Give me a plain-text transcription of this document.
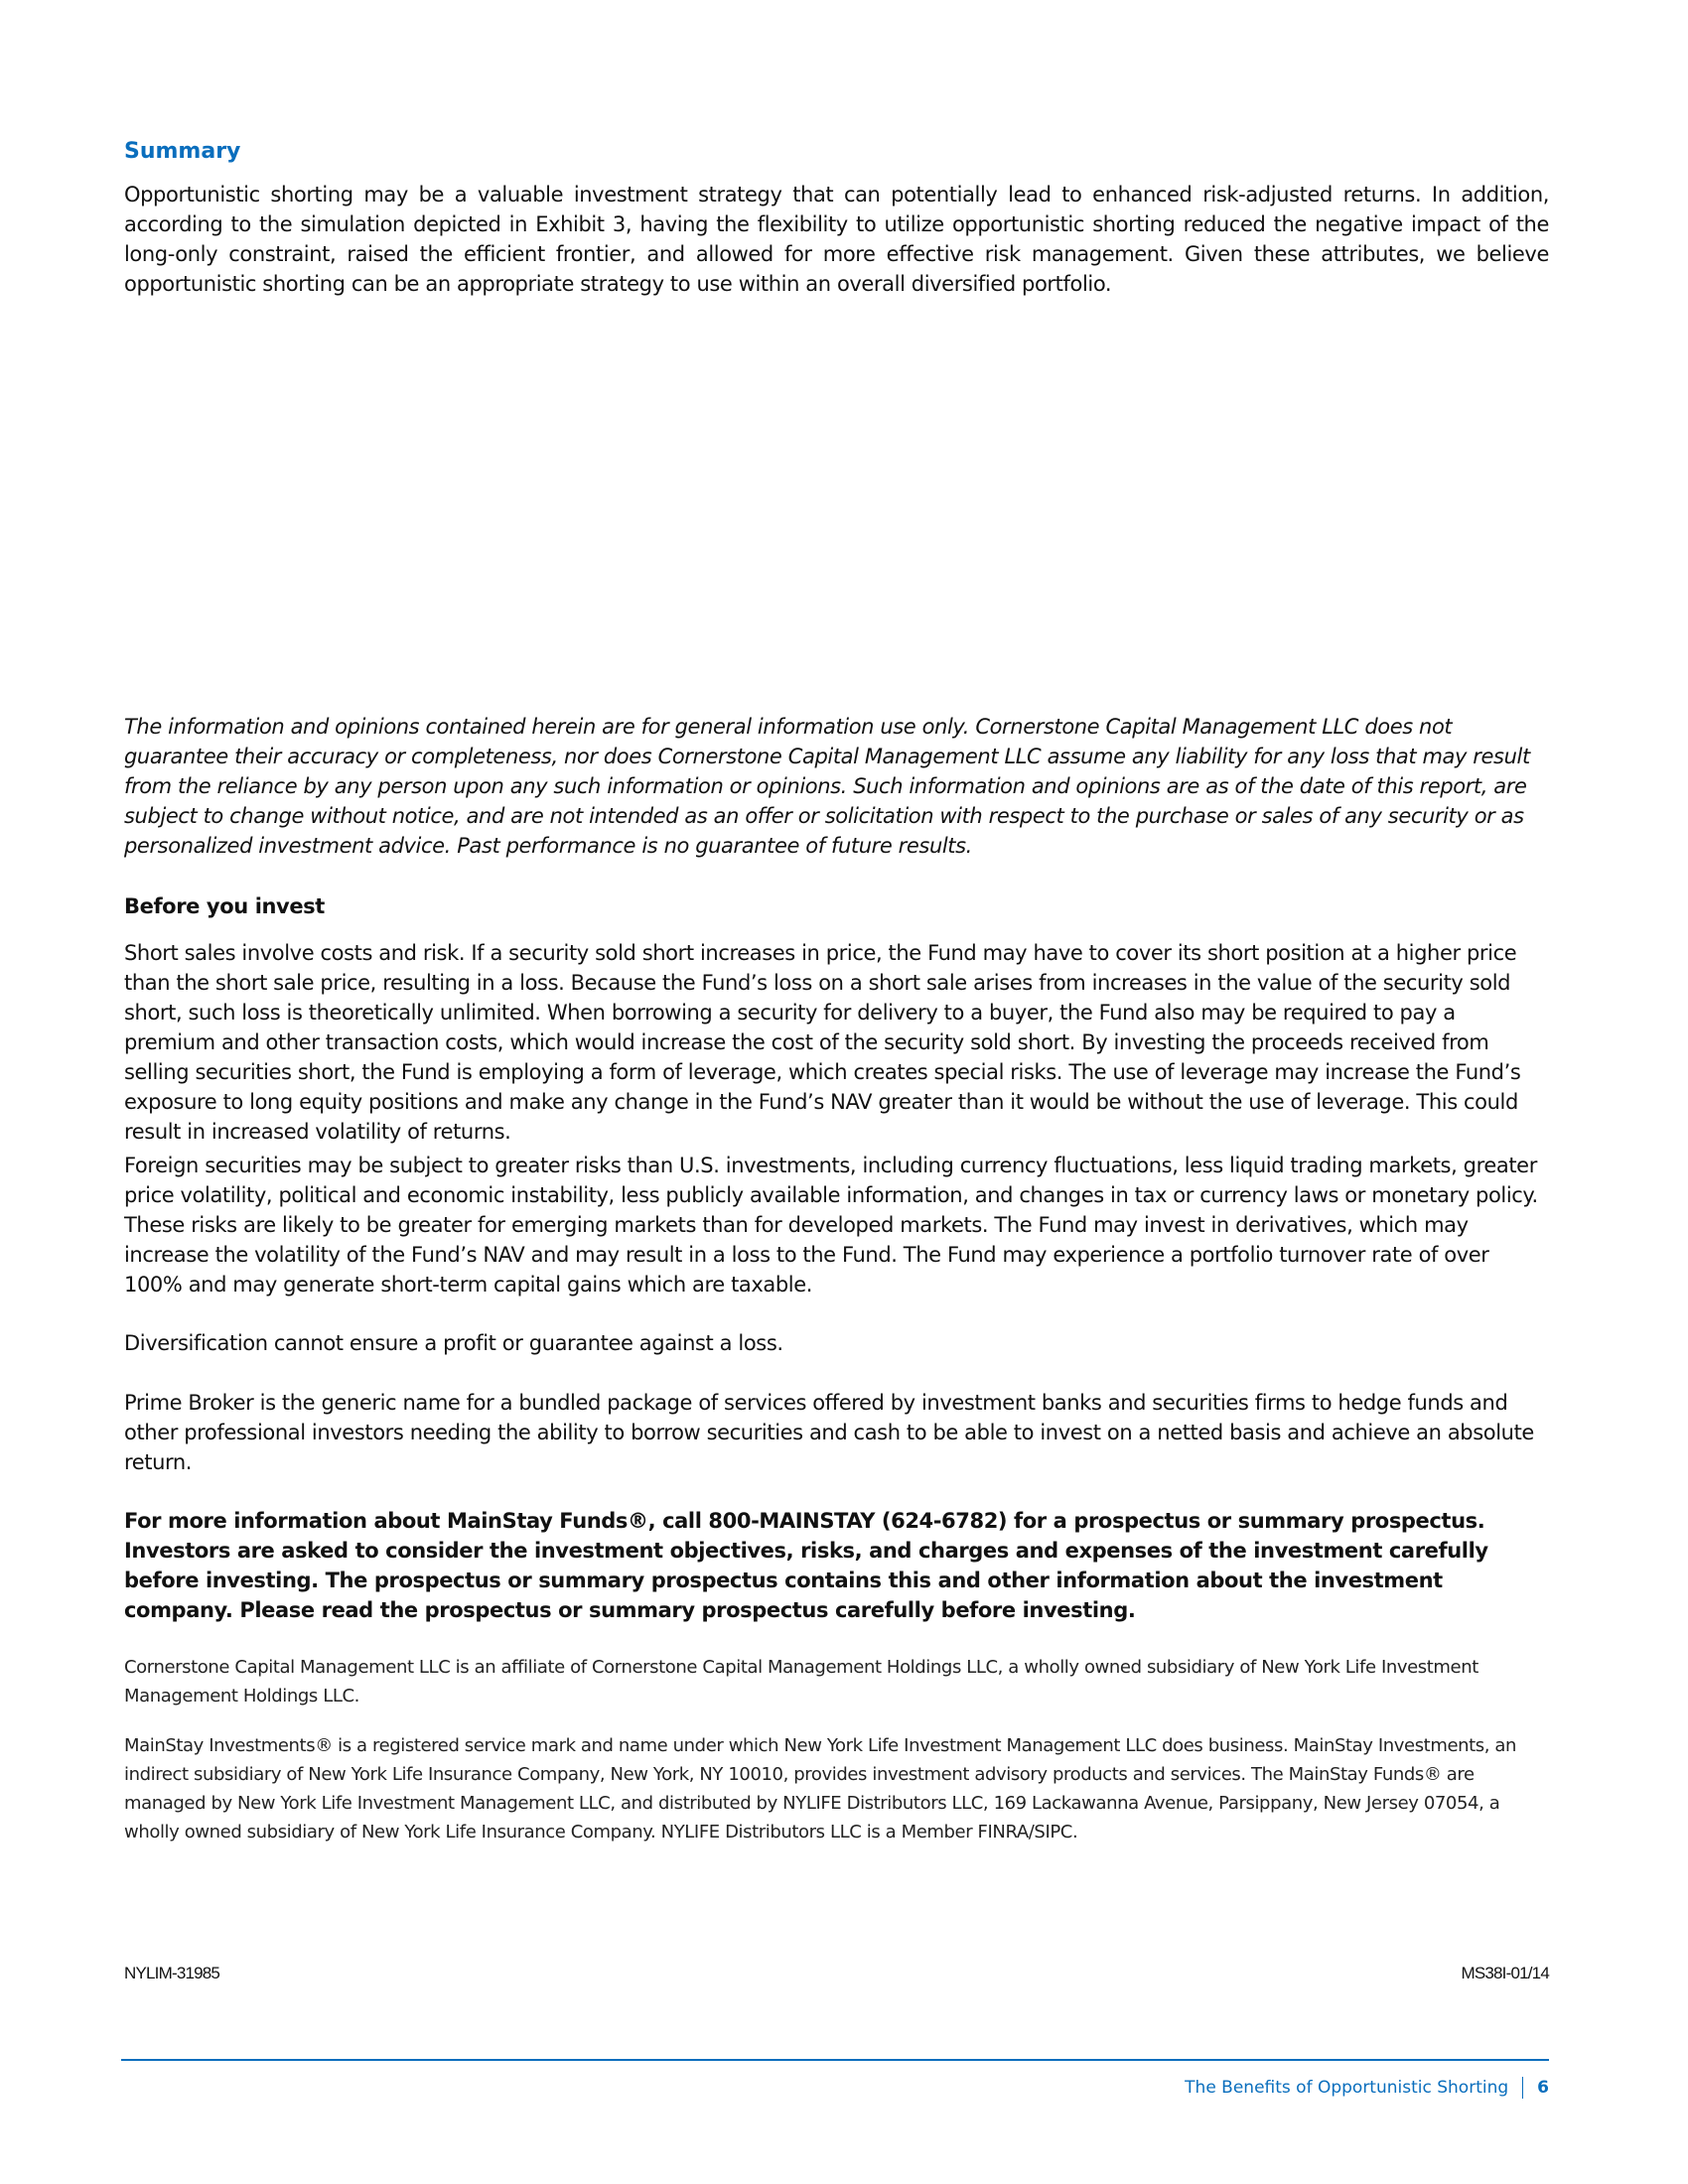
Summary

Opportunistic shorting may be a valuable investment strategy that can potentially lead to enhanced risk-adjusted returns. In addition, according to the simulation depicted in Exhibit 3, having the flexibility to utilize opportunistic shorting reduced the negative impact of the long-only constraint, raised the efficient frontier, and allowed for more effective risk management. Given these attributes, we believe opportunistic shorting can be an appropriate strategy to use within an overall diversified portfolio.

The information and opinions contained herein are for general information use only. Cornerstone Capital Management LLC does not guarantee their accuracy or completeness, nor does Cornerstone Capital Management LLC assume any liability for any loss that may result from the reliance by any person upon any such information or opinions. Such information and opinions are as of the date of this report, are subject to change without notice, and are not intended as an offer or solicitation with respect to the purchase or sales of any security or as personalized investment advice. Past performance is no guarantee of future results.

Before you invest

Short sales involve costs and risk. If a security sold short increases in price, the Fund may have to cover its short position at a higher price than the short sale price, resulting in a loss. Because the Fund’s loss on a short sale arises from increases in the value of the security sold short, such loss is theoretically unlimited. When borrowing a security for delivery to a buyer, the Fund also may be required to pay a premium and other transaction costs, which would increase the cost of the security sold short. By investing the proceeds received from selling securities short, the Fund is employing a form of leverage, which creates special risks. The use of leverage may increase the Fund’s exposure to long equity positions and make any change in the Fund’s NAV greater than it would be without the use of leverage. This could result in increased volatility of returns.

Foreign securities may be subject to greater risks than U.S. investments, including currency fluctuations, less liquid trading markets, greater price volatility, political and economic instability, less publicly available information, and changes in tax or currency laws or monetary policy. These risks are likely to be greater for emerging markets than for developed markets. The Fund may invest in derivatives, which may increase the volatility of the Fund’s NAV and may result in a loss to the Fund. The Fund may experience a portfolio turnover rate of over 100% and may generate short-term capital gains which are taxable.

Diversification cannot ensure a profit or guarantee against a loss.

Prime Broker is the generic name for a bundled package of services offered by investment banks and securities firms to hedge funds and other professional investors needing the ability to borrow securities and cash to be able to invest on a netted basis and achieve an absolute return.

For more information about MainStay Funds®, call 800-MAINSTAY (624-6782) for a prospectus or summary prospectus. Investors are asked to consider the investment objectives, risks, and charges and expenses of the investment carefully before investing. The prospectus or summary prospectus contains this and other information about the investment company. Please read the prospectus or summary prospectus carefully before investing.

Cornerstone Capital Management LLC is an affiliate of Cornerstone Capital Management Holdings LLC, a wholly owned subsidiary of New York Life Investment Management Holdings LLC.

MainStay Investments® is a registered service mark and name under which New York Life Investment Management LLC does business. MainStay Investments, an indirect subsidiary of New York Life Insurance Company, New York, NY 10010, provides investment advisory products and services. The MainStay Funds® are managed by New York Life Investment Management LLC, and distributed by NYLIFE Distributors LLC, 169 Lackawanna Avenue, Parsippany, New Jersey 07054, a wholly owned subsidiary of New York Life Insurance Company. NYLIFE Distributors LLC is a Member FINRA/SIPC.

NYLIM-31985	MS38I-01/14
The Benefits of Opportunistic Shorting 6
